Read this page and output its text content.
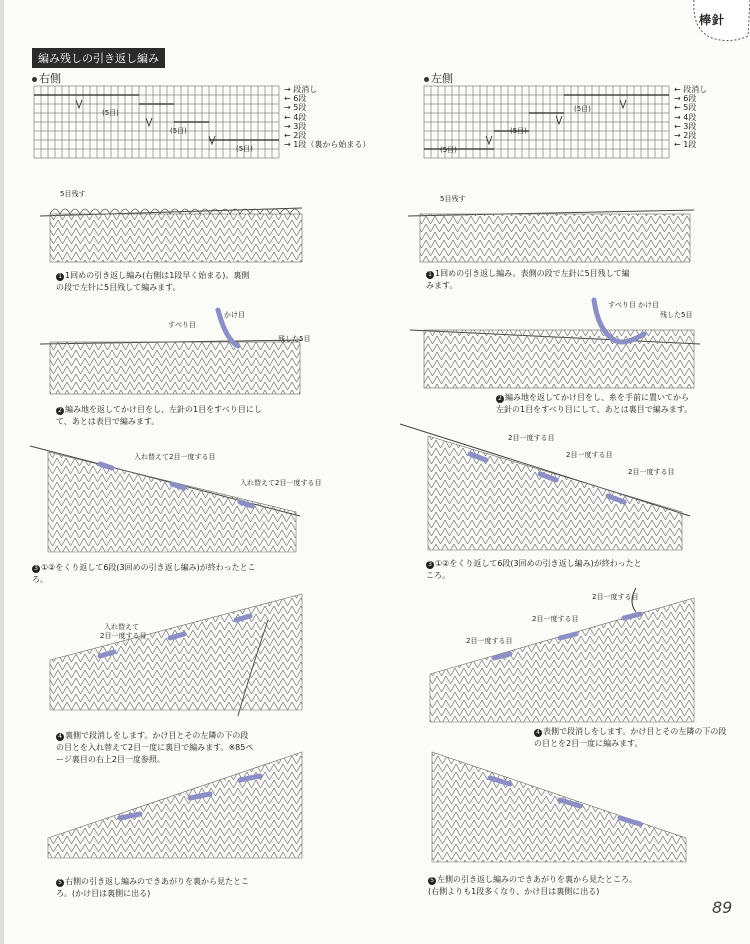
棒針
編み残しの引き返し編み
右側
(5目)
(5目)
(5目)
→ 段消し
← 6段
→ 5段
← 4段
→ 3段
← 2段
→ 1段（裏から始まる）
左側
(5目)
(5目)
(5目)
← 段消し
→ 6段
← 5段
→ 4段
← 3段
→ 2段
← 1段
5目残す
1 1回めの引き返し編み(右側は1段早く始まる)。裏側の段で左针に5目残して編みます。
すべり目
かけ目
残した5目
2 編み地を返してかけ目をし、左針の1目をすべり目にして、あとは表目で編みます。
入れ替えて2目一度する目
入れ替えて2目一度する目
3 ①②をくり返して6段(3回めの引き返し編み)が終わったところ。
入れ替えて
2目一度する目
4 裏側で段消しをします。かけ目とその左隣の下の段の目とを入れ替えて2目一度に裏目で編みます。※85ページ裏目の右上2目一度参照。
5 右側の引き返し編みのできあがりを裏から見たところ。(かけ目は裏側に出る)
5目残す
1 1回めの引き返し編み。表側の段で左針に5目残して編みます。
すべり目 かけ目
残した5目
2 編み地を返してかけ目をし、糸を手前に置いてから左針の1目をすべり目にして、あとは裏目で編みます。
2目一度する目
2目一度する目
2目一度する目
3 ①②をくり返して6段(3回めの引き返し編み)が終わったところ。
2目一度する目
2目一度する目
2目一度する目
4 表側で段消しをします。かけ目とその左隣の下の段の目とを2目一度に編みます。
5 左側の引き返し編みのできあがりを裏から見たところ。(右側よりも1段多くなり、かけ目は裏側に出る)
89
